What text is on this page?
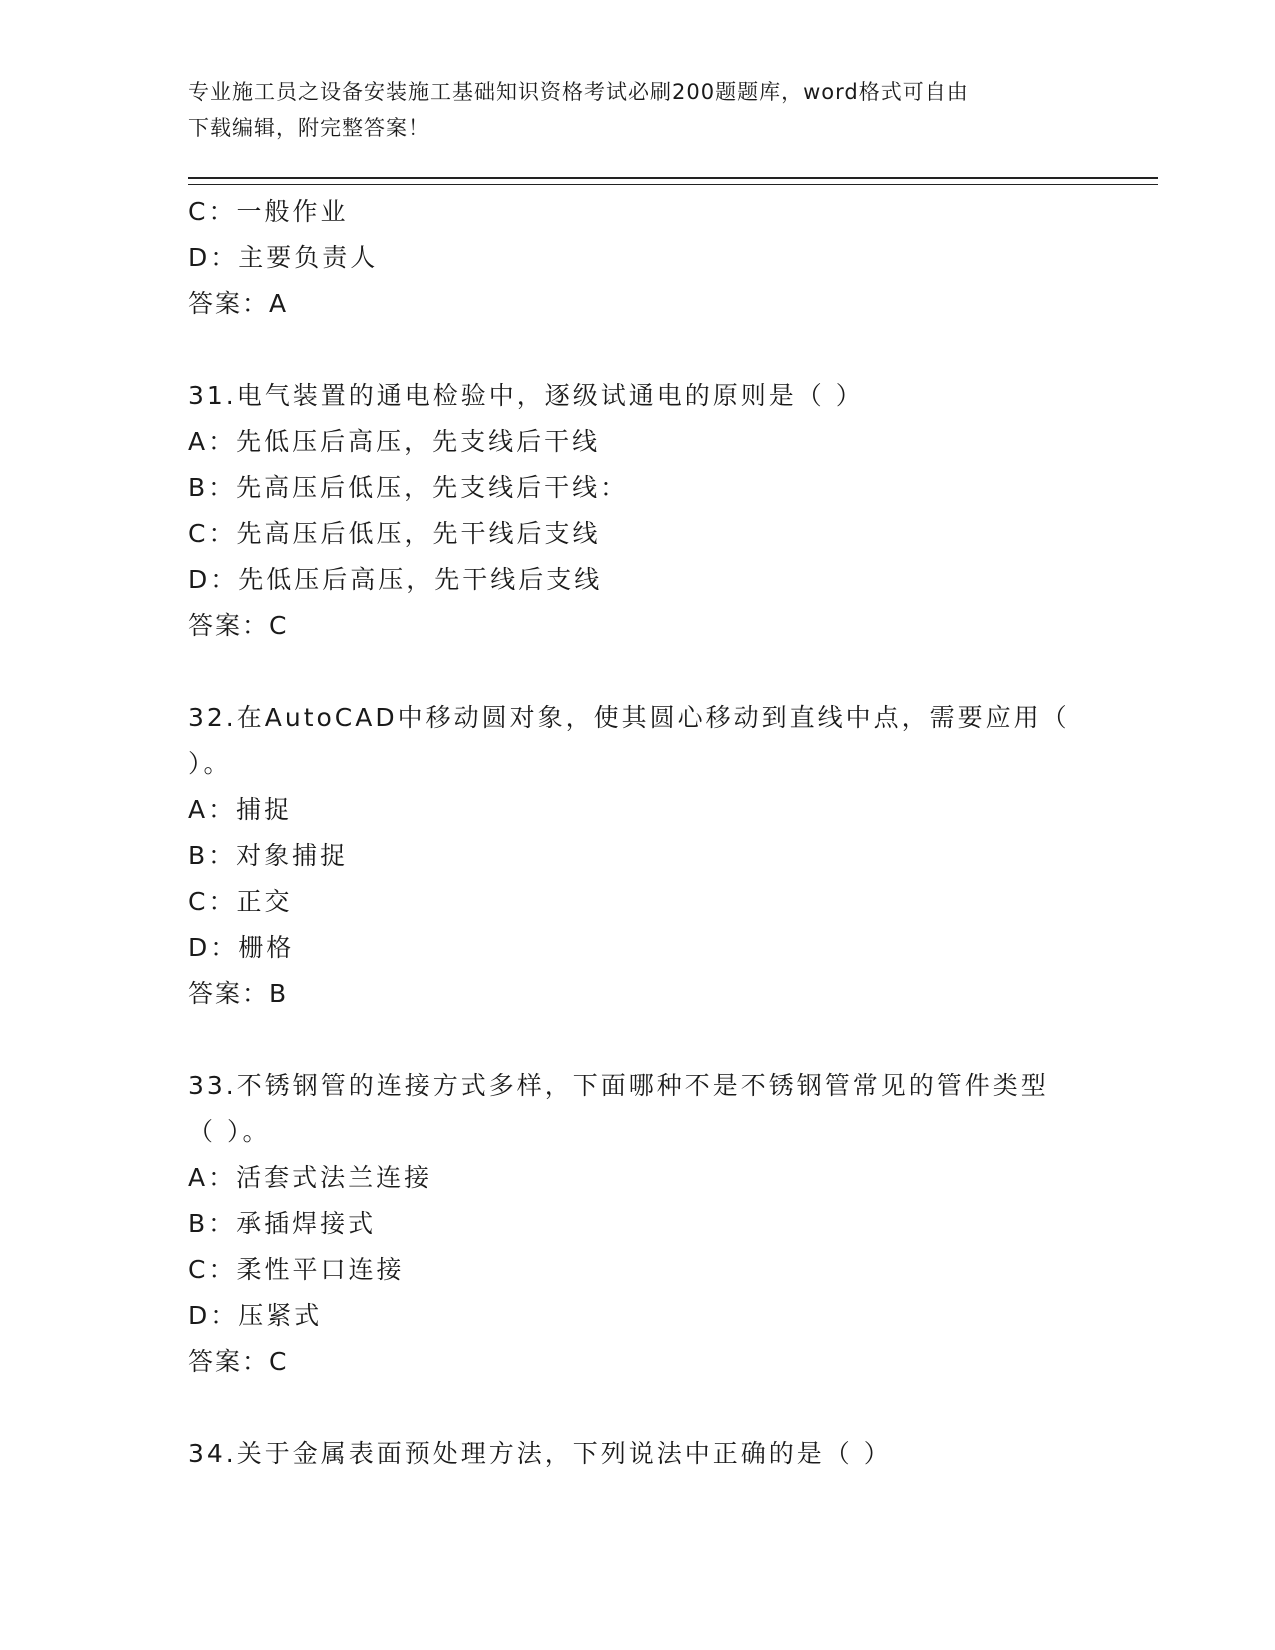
专业施工员之设备安装施工基础知识资格考试必刷200题题库，word格式可自由
下载编辑，附完整答案！
C：一般作业
D：主要负责人
答案：A
31.电气装置的通电检验中，逐级试通电的原则是（ ）
A：先低压后高压，先支线后干线
B：先高压后低压，先支线后干线：
C：先高压后低压，先干线后支线
D：先低压后高压，先干线后支线
答案：C
32.在AutoCAD中移动圆对象，使其圆心移动到直线中点，需要应用（
）。
A：捕捉
B：对象捕捉
C：正交
D：栅格
答案：B
33.不锈钢管的连接方式多样，下面哪种不是不锈钢管常见的管件类型
（ ）。
A：活套式法兰连接
B：承插焊接式
C：柔性平口连接
D：压紧式
答案：C
34.关于金属表面预处理方法，下列说法中正确的是（ ）
